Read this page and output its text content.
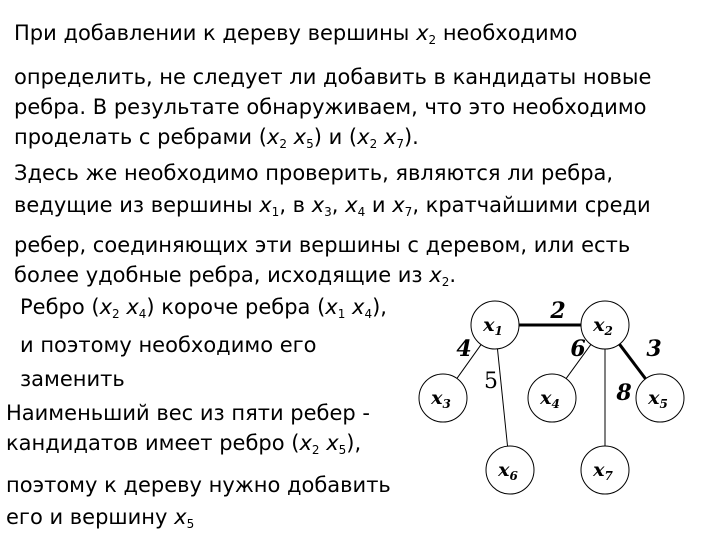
При добавлении к дереву вершины $x_2$ необходимо
определить, не следует ли добавить в кандидаты новые
ребра. В результате обнаруживаем, что это необходимо
проделать с ребрами ($x_2$ $x_5$) и ($x_2$ $x_7$).
Здесь же необходимо проверить, являются ли ребра,
ведущие из вершины $x_1$, в $x_3$, $x_4$ и $x_7$, кратчайшими среди
ребер, соединяющих эти вершины с деревом, или есть
более удобные ребра, исходящие из $x_2$.
Ребро ($x_2$ $x_4$) короче ребра ($x_1$ $x_4$),
и поэтому необходимо его
заменить
Наименьший вес из пяти ребер -
кандидатов имеет ребро ($x_2$ $x_5$),
поэтому к дереву нужно добавить
его и вершину $x_5$
$x_1$	$x_2$
$x_3$	$x_4$	$x_5$
$x_6$	$x_7$
2
4	6	3
5	8
